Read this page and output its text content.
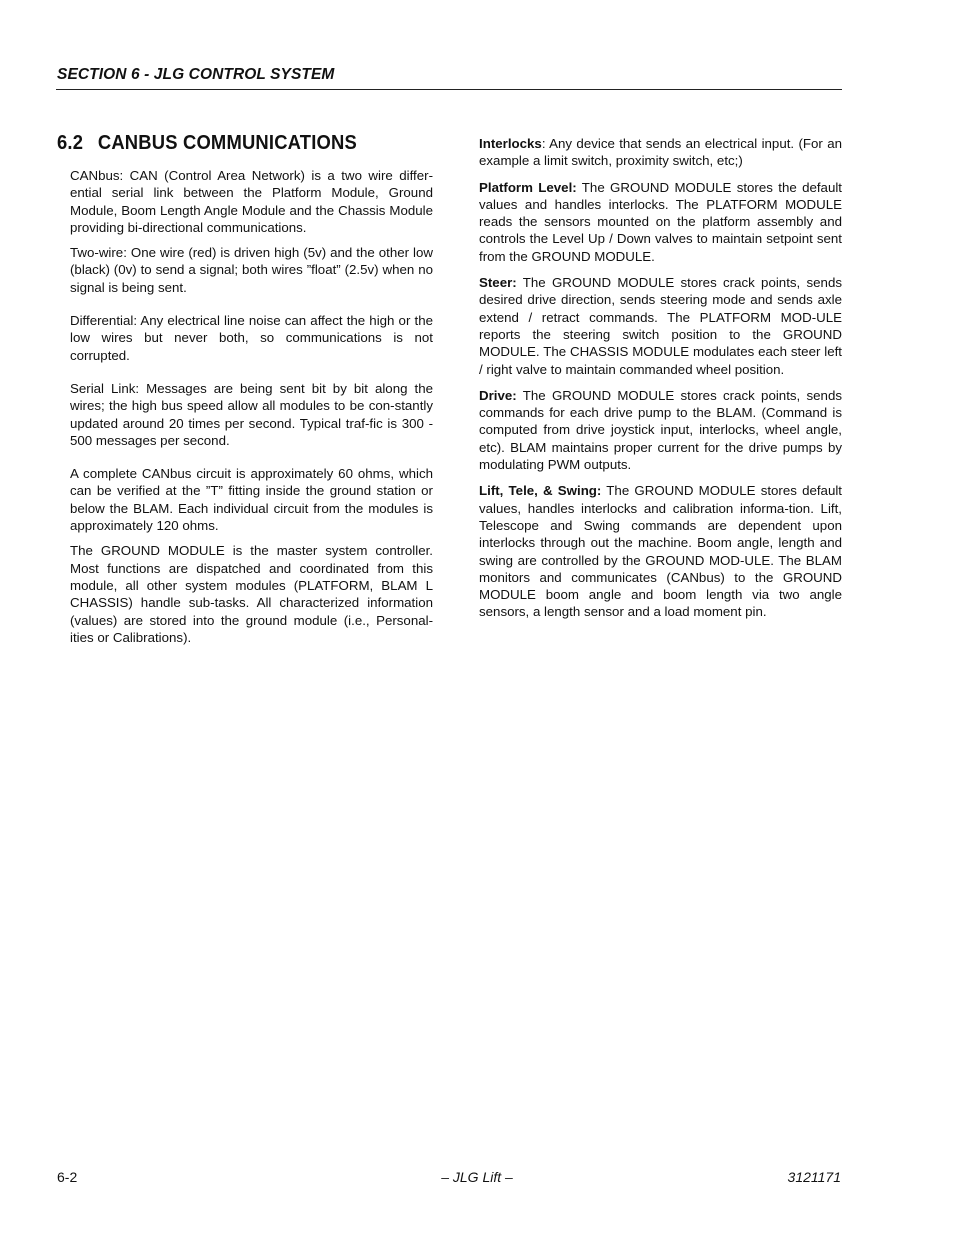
SECTION 6 - JLG CONTROL SYSTEM
6.2 CANBUS COMMUNICATIONS

CANbus: CAN (Control Area Network) is a two wire differ-ential serial link between the Platform Module, Ground Module, Boom Length Angle Module and the Chassis Module providing bi-directional communications.

Two-wire: One wire (red) is driven high (5v) and the other low (black) (0v) to send a signal; both wires ”float” (2.5v) when no signal is being sent.

Differential: Any electrical line noise can affect the high or the low wires but never both, so communications is not corrupted.

Serial Link: Messages are being sent bit by bit along the wires; the high bus speed allow all modules to be con-stantly updated around 20 times per second. Typical traf-fic is 300 - 500 messages per second.

A complete CANbus circuit is approximately 60 ohms, which can be verified at the ”T” fitting inside the ground station or below the BLAM. Each individual circuit from the modules is approximately 120 ohms.

The GROUND MODULE is the master system controller. Most functions are dispatched and coordinated from this module, all other system modules (PLATFORM, BLAM L CHASSIS) handle sub-tasks. All characterized information (values) are stored into the ground module (i.e., Personal-ities or Calibrations).

Interlocks: Any device that sends an electrical input. (For an example a limit switch, proximity switch, etc;)

Platform Level: The GROUND MODULE stores the default values and handles interlocks. The PLATFORM MODULE reads the sensors mounted on the platform assembly and controls the Level Up / Down valves to maintain setpoint sent from the GROUND MODULE.

Steer: The GROUND MODULE stores crack points, sends desired drive direction, sends steering mode and sends axle extend / retract commands. The PLATFORM MOD-ULE reports the steering switch position to the GROUND MODULE. The CHASSIS MODULE modulates each steer left / right valve to maintain commanded wheel position.

Drive: The GROUND MODULE stores crack points, sends commands for each drive pump to the BLAM. (Command is computed from drive joystick input, interlocks, wheel angle, etc). BLAM maintains proper current for the drive pumps by modulating PWM outputs.

Lift, Tele, & Swing: The GROUND MODULE stores default values, handles interlocks and calibration informa-tion. Lift, Telescope and Swing commands are dependent upon interlocks through out the machine. Boom angle, length and swing are controlled by the GROUND MOD-ULE. The BLAM monitors and communicates (CANbus) to the GROUND MODULE boom angle and boom length via two angle sensors, a length sensor and a load moment pin.

6-2	– JLG Lift –	3121171
